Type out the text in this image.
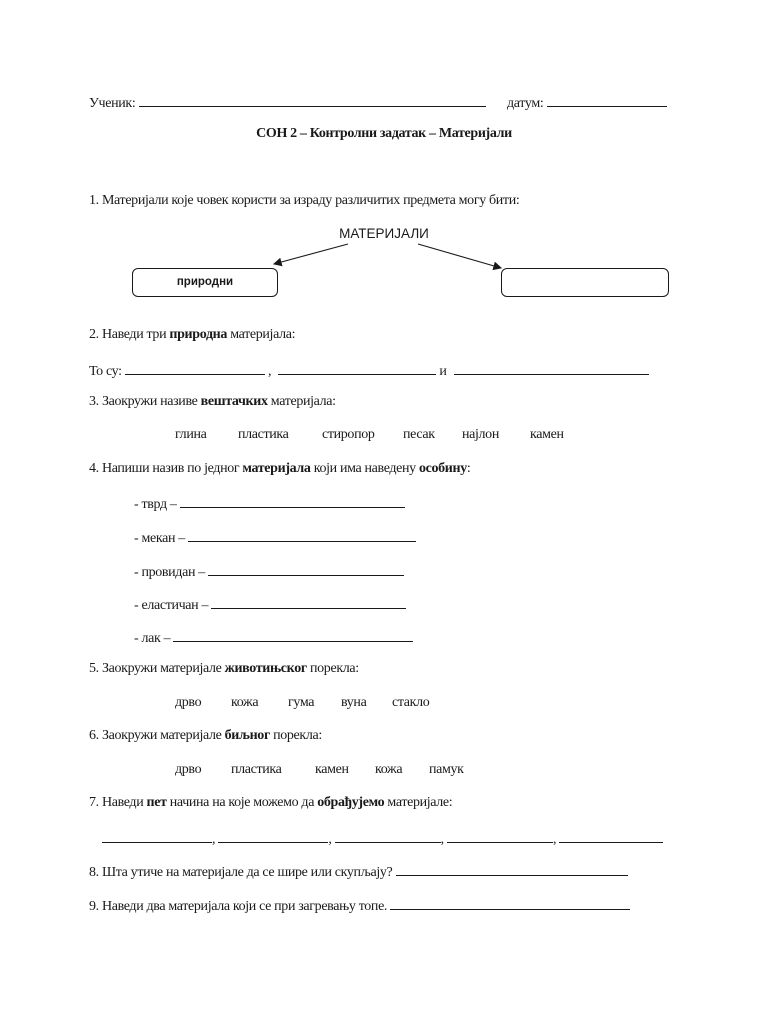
Ученик:	датум:
СОН 2 – Контролни задатак – Материјали
1. Материјали које човек користи за израду различитих предмета могу бити:
МАТЕРИЈАЛИ
природни
2. Наведи три природна материјала:
То су:	,	и
3. Заокружи називе вештачких материјала:
глина пластика стиропор песак најлон камен
4. Напиши назив по једног материјала који има наведену особину:
- тврд –
- мекан –
- провидан –
- еластичан –
- лак –
5. Заокружи материјале животињског порекла:
дрво кожа гума вуна стакло
6. Заокружи материјале биљног порекла:
дрво пластика камен кожа памук
7. Наведи пет начина на које можемо да обрађујемо материјале:
,	,	,	,
8. Шта утиче на материјале да се шире или скупљају?
9. Наведи два материјала који се при загревању топе.
